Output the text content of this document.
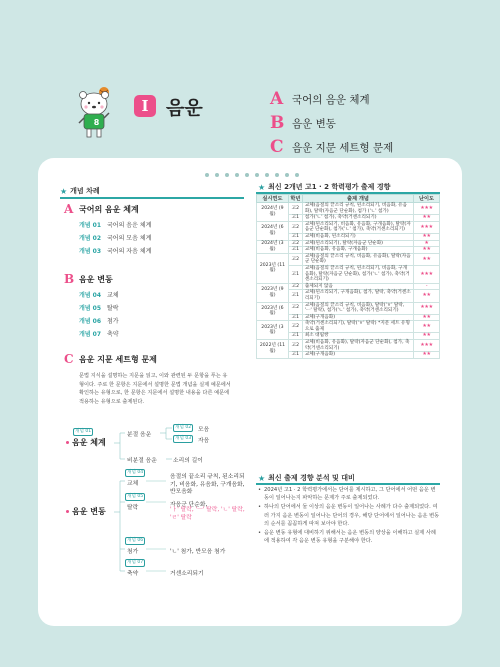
8
I 음운	A 국어의 음운 체계
B 음운 변동
C 음운 지문 세트형 문제
★ 개념 차례
A 국어의 음운 체계
개념 01 국어의 음운 체계
개념 02 국어의 모음 체계
개념 03 국어의 자음 체계
B 음운 변동
개념 04 교체
개념 05 탈락
개념 06 첨가
개념 07 축약
C 음운 지문 세트형 문제
문법 지식을 설명하는 지문을 읽고, 이와 관련된 두 문항을 푸는 유형이다. 주로 한 문항은 지문에서 설명한 문법 개념을 실제 예문에서 확인하는 유형으로, 한 문항은 지문에서 설명한 내용을 다른 예문에 적용하는 유형으로 출제된다.
개념 01
음운 체계
분절 음운
개념 02	모음
개념 03	자음
비분절 음운	소리의 길이
음운 변동
개념 04
교체
음절의 끝소리 규칙, 된소리되기, 비음화, 유음화, 구개음화, 반모음화
개념 05
탈락	자음군 단순화,
'ㅏ' 탈락, 'ㅡ' 탈락, 'ㄴ' 탈락, 'ㄹ' 탈락
개념 06
첨가	'ㄴ' 첨가, 반모음 첨가
개념 07
축약	거센소리되기
★ 최신 2개년 고1 · 2 학력평가 출제 경향
실시연도	학년	출제 개념	난이도
2024년 (9월)	고2	교체(음절의 끝소리 규칙, 된소리되기, 비음화, 유음화), 탈락(자음군 단순화), 첨가 ('ㄴ' 첨가)	★★★
	고1	첨가('ㄴ' 첨가), 축약(거센소리되기)	★★
2024년 (6월)	고2	교체(된소리되기, 비음화, 유음화, 구개음화), 탈락(자음군 단순화), 첨가('ㄴ' 첨가), 축약(거센소리되기)	★★★
	고1	교체(비음화, 된소리되기)	★★
2024년 (3월)	고2	교체(된소리되기), 탈락(자음군 단순화)	★
	고1	교체(비음화, 유음화, 구개음화)	★★
2023년 (11월)	고2	교체(음절의 끝소리 규칙, 비음화, 유음화), 탈락(자음군 단순화)	★★
	고1	교체(음절의 끝소리 규칙, 된소리되기, 비음화, 구개음화), 탈락(자음군 단순화), 첨가('ㄴ' 첨가), 축약(거센소리되기)	★★★
2023년 (9월)	고2	출제되지 않음	-
	고1	교체(된소리되기, 구개음화), 첨가, 탈락, 축약(거센소리되기)	★★
2023년 (6월)	고2	교체(음절의 끝소리 규칙, 비음화), 탈락('ㅎ' 탈락, 'ㅡ' 탈락), 첨가('ㄴ' 첨가), 축약(거센소리되기)	★★★
	고1	교체(구개음화)	★★
2023년 (3월)	고2	축약(거센소리되기), 탈락('ㅎ' 탈락) *지문 세트 유형으로 출제	★★
	고1	최소 대립쌍	★★
2022년 (11월)	고2	교체(비음화, 유음화), 탈락(자음군 단순화), 첨가, 축약(거센소리되기)	★★★
	고1	교체(구개음화)	★★
★ 최신 출제 경향 분석 및 대비
• 2024년 고1 · 2 학력평가에서는 단어를 제시하고, 그 단어에서 어떤 음운 변동이 일어나는지 파악하는 문제가 주로 출제되었다.
• 하나의 단어에서 둘 이상의 음운 변동이 일어나는 사례가 다수 출제되었다. 여러 가지 음운 변동이 일어나는 단어의 경우, 해당 단어에서 일어나는 음운 변동의 순서를 꼼꼼하게 따져 보아야 한다.
• 음운 변동 유형에 대비하기 위해서는 음운 변동의 양상을 이해하고 실제 사례에 적용하여 각 음운 변동 유형을 구분해야 한다.
